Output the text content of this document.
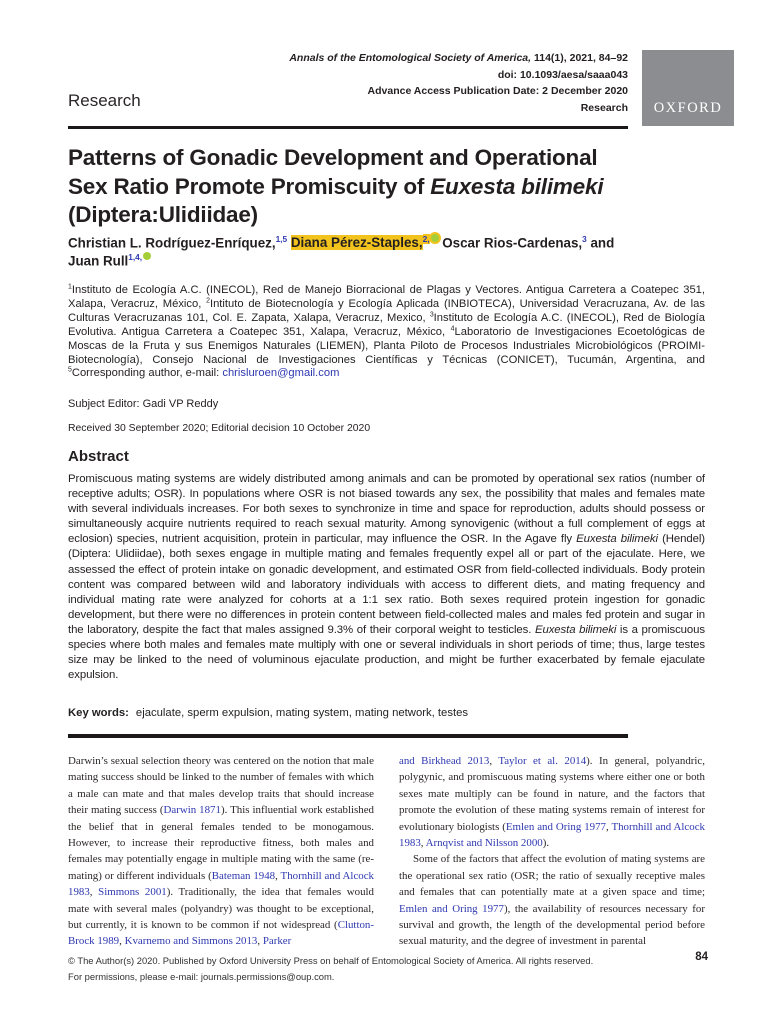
Annals of the Entomological Society of America, 114(1), 2021, 84–92
doi: 10.1093/aesa/saaa043
Advance Access Publication Date: 2 December 2020
Research OXFORD
Research
Patterns of Gonadic Development and Operational
Sex Ratio Promote Promiscuity of Euxesta bilimeki
(Diptera:Ulidiidae)
Christian L. Rodríguez-Enríquez,$^{1,5}$ Diana Pérez-Staples,$^{2,}$ Oscar Rios-Cardenas,$^3$ and
Juan Rull$^{1,4,}$
$^1$Instituto de Ecología A.C. (INECOL), Red de Manejo Biorracional de Plagas y Vectores. Antigua Carretera a Coatepec 351, Xalapa, Veracruz, México, $^2$Intituto de Biotecnología y Ecología Aplicada (INBIOTECA), Universidad Veracruzana, Av. de las Culturas Veracruzanas 101, Col. E. Zapata, Xalapa, Veracruz, Mexico, $^3$Instituto de Ecología A.C. (INECOL), Red de Biología Evolutiva. Antigua Carretera a Coatepec 351, Xalapa, Veracruz, México, $^4$Laboratorio de Investigaciones Ecoetológicas de Moscas de la Fruta y sus Enemigos Naturales (LIEMEN), Planta Piloto de Procesos Industriales Microbiológicos (PROIMI-Biotecnología), Consejo Nacional de Investigaciones Científicas y Técnicas (CONICET), Tucumán, Argentina, and $^5$Corresponding author, e-mail: chrisluroen@gmail.com
Subject Editor: Gadi VP Reddy
Received 30 September 2020; Editorial decision 10 October 2020
Abstract
Promiscuous mating systems are widely distributed among animals and can be promoted by operational sex ratios (number of receptive adults; OSR). In populations where OSR is not biased towards any sex, the possibility that males and females mate with several individuals increases. For both sexes to synchronize in time and space for reproduction, adults should possess or simultaneously acquire nutrients required to reach sexual maturity. Among synovigenic (without a full complement of eggs at eclosion) species, nutrient acquisition, protein in particular, may influence the OSR. In the Agave fly Euxesta bilimeki (Hendel) (Diptera: Ulidiidae), both sexes engage in multiple mating and females frequently expel all or part of the ejaculate. Here, we assessed the effect of protein intake on gonadic development, and estimated OSR from field-collected individuals. Body protein content was compared between wild and laboratory individuals with access to different diets, and mating frequency and individual mating rate were analyzed for cohorts at a 1:1 sex ratio. Both sexes required protein ingestion for gonadic development, but there were no differences in protein content between field-collected males and males fed protein and sugar in the laboratory, despite the fact that males assigned 9.3% of their corporal weight to testicles. Euxesta bilimeki is a promiscuous species where both males and females mate multiply with one or several individuals in short periods of time; thus, large testes size may be linked to the need of voluminous ejaculate production, and might be further exacerbated by female ejaculate expulsion.
Key words: ejaculate, sperm expulsion, mating system, mating network, testes

Darwin’s sexual selection theory was centered on the notion that male mating success should be linked to the number of females with which a male can mate and that males develop traits that should increase their mating success (Darwin 1871). This influential work established the belief that in general females tended to be monogamous. However, to increase their reproductive fitness, both males and females may potentially engage in multiple mating with the same (re-mating) or different individuals (Bateman 1948, Thornhill and Alcock 1983, Simmons 2001). Traditionally, the idea that females would mate with several males (polyandry) was thought to be exceptional, but currently, it is known to be common if not widespread (Clutton-Brock 1989, Kvarnemo and Simmons 2013, Parker

and Birkhead 2013, Taylor et al. 2014). In general, polyandric, polygynic, and promiscuous mating systems where either one or both sexes mate multiply can be found in nature, and the factors that promote the evolution of these mating systems remain of interest for evolutionary biologists (Emlen and Oring 1977, Thornhill and Alcock 1983, Arnqvist and Nilsson 2000).

Some of the factors that affect the evolution of mating systems are the operational sex ratio (OSR; the ratio of sexually receptive males and females that can potentially mate at a given space and time; Emlen and Oring 1977), the availability of resources necessary for survival and growth, the length of the developmental period before sexual maturity, and the degree of investment in parental

© The Author(s) 2020. Published by Oxford University Press on behalf of Entomological Society of America. All rights reserved.
For permissions, please e-mail: journals.permissions@oup.com.
84
